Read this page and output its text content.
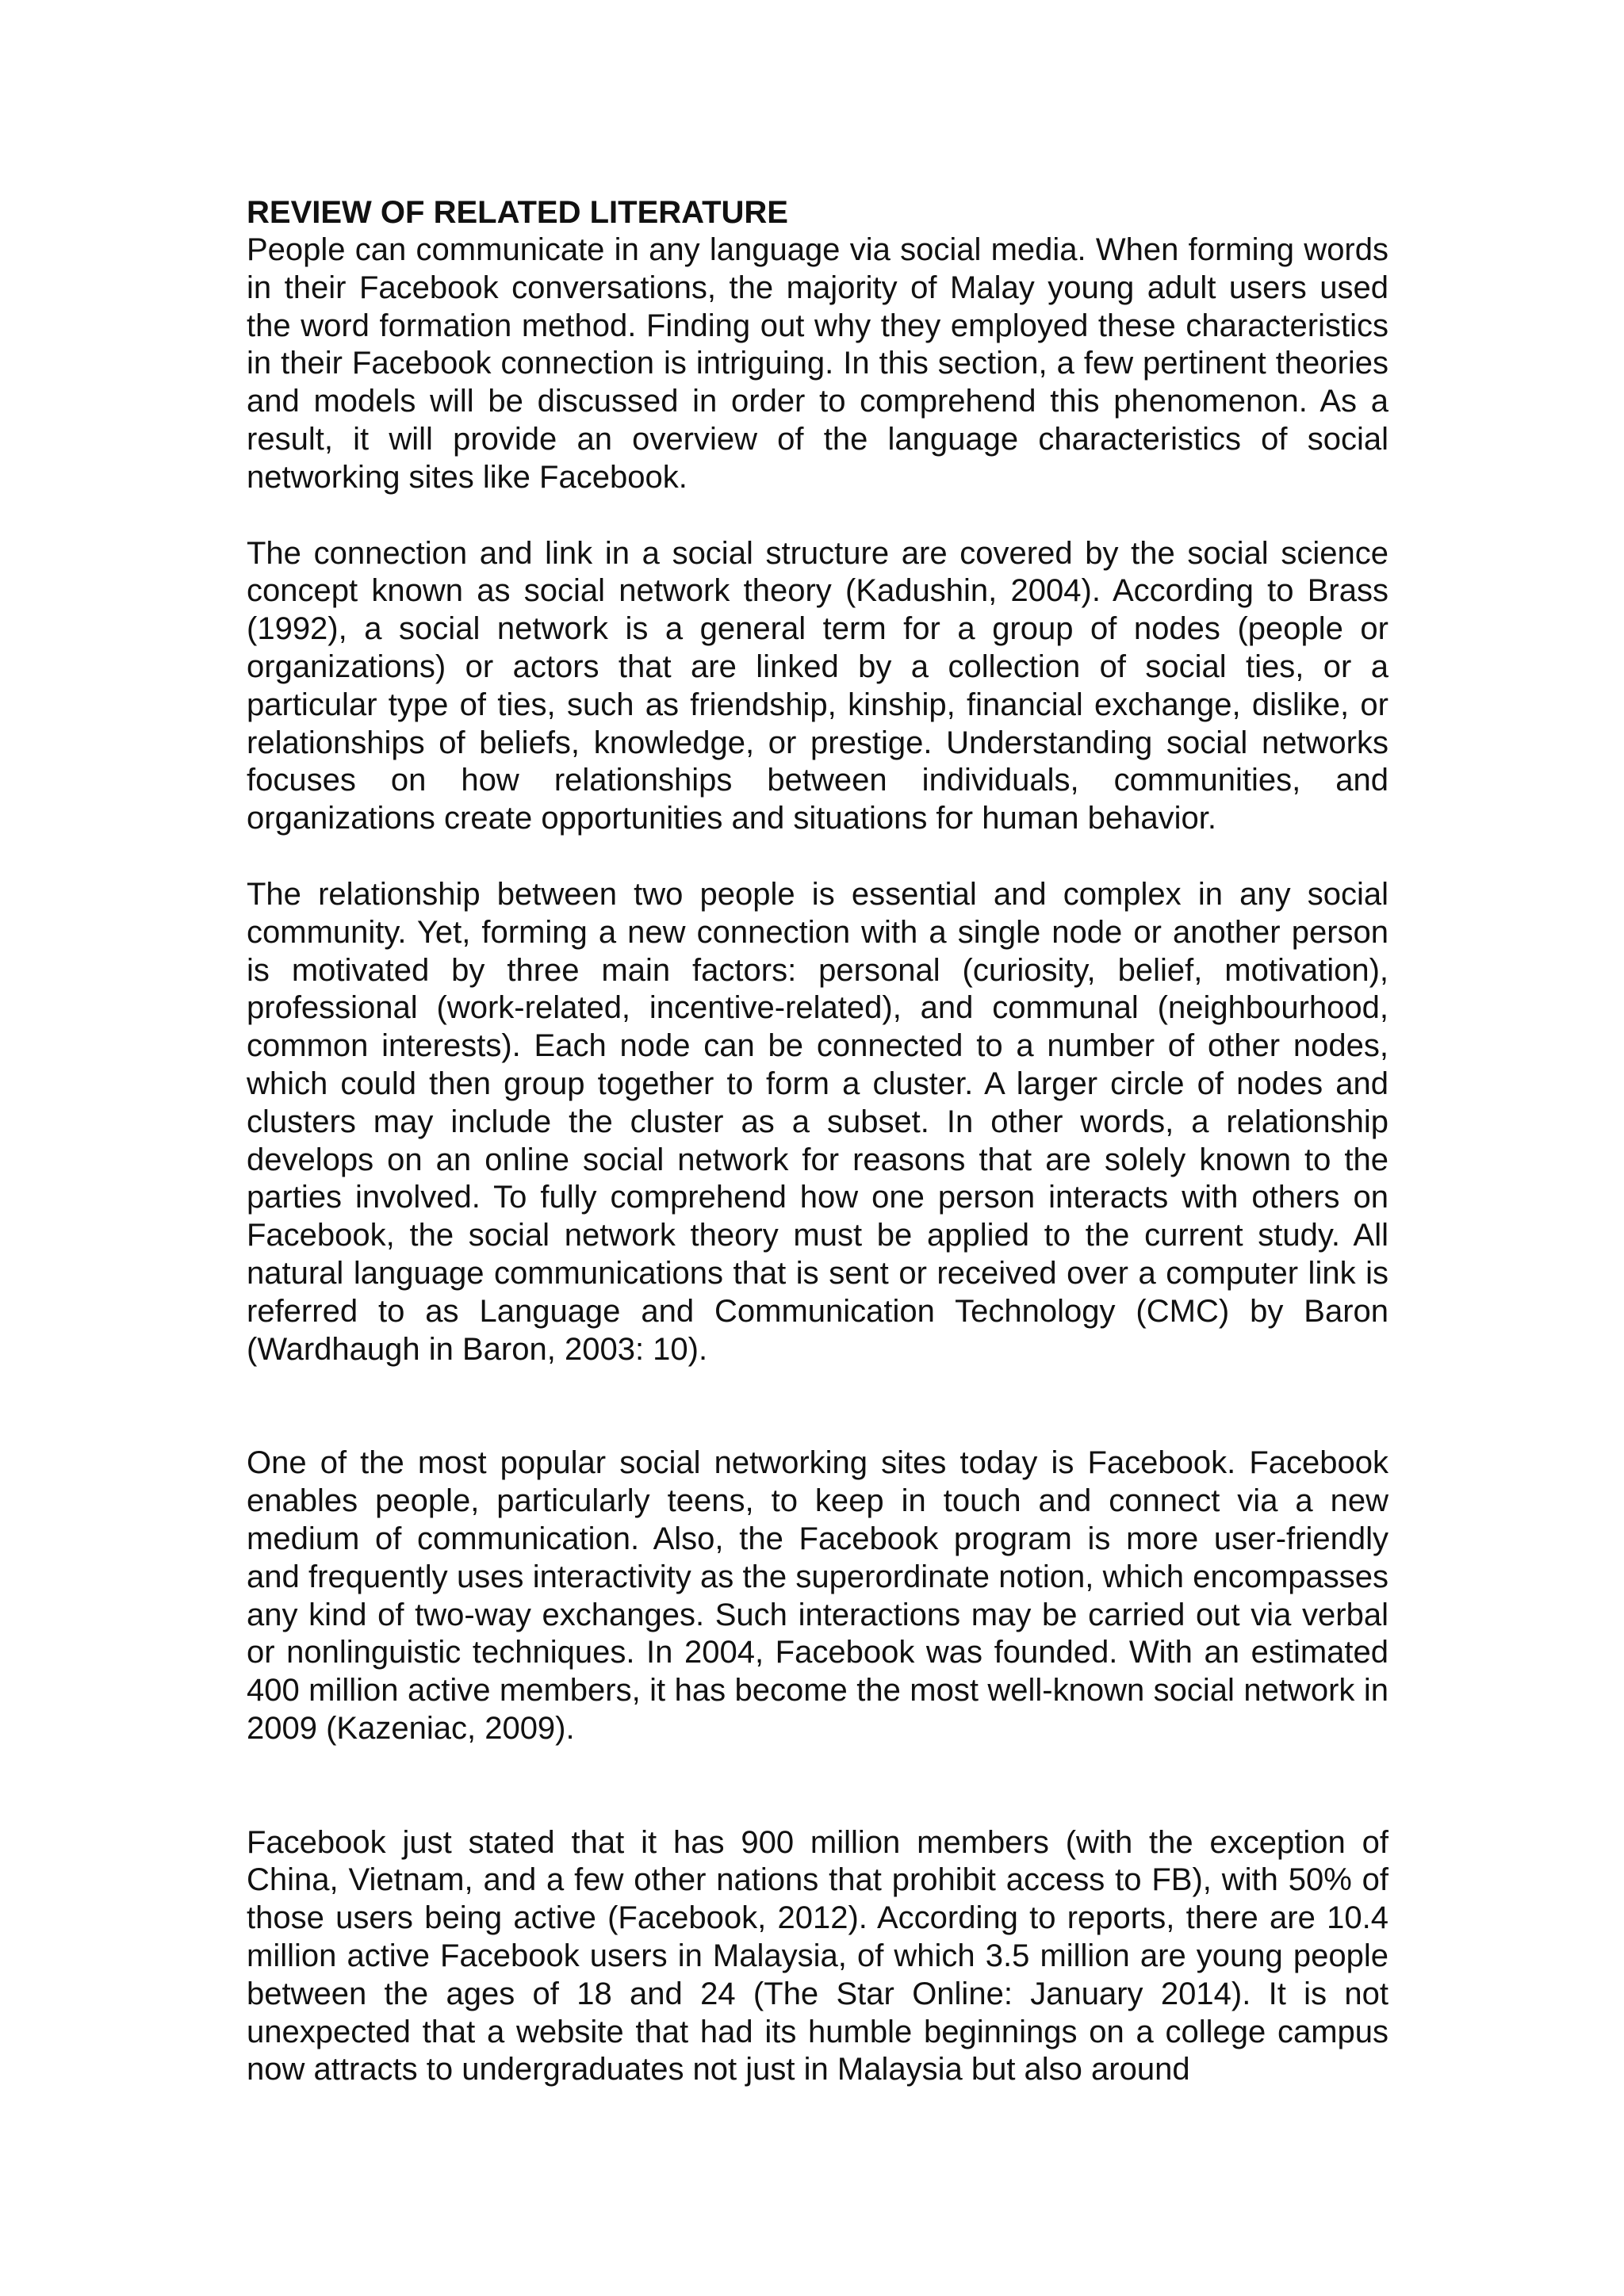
REVIEW OF RELATED LITERATURE

People can communicate in any language via social media. When forming words in their Facebook conversations, the majority of Malay young adult users used the word formation method. Finding out why they employed these characteristics in their Facebook connection is intriguing. In this section, a few pertinent theories and models will be discussed in order to comprehend this phenomenon. As a result, it will provide an overview of the language characteristics of social networking sites like Facebook.

The connection and link in a social structure are covered by the social science concept known as social network theory (Kadushin, 2004). According to Brass (1992), a social network is a general term for a group of nodes (people or organizations) or actors that are linked by a collection of social ties, or a particular type of ties, such as friendship, kinship, financial exchange, dislike, or relationships of beliefs, knowledge, or prestige. Understanding social networks focuses on how relationships between individuals, communities, and organizations create opportunities and situations for human behavior.

The relationship between two people is essential and complex in any social community. Yet, forming a new connection with a single node or another person is motivated by three main factors: personal (curiosity, belief, motivation), professional (work-related, incentive-related), and communal (neighbourhood, common interests). Each node can be connected to a number of other nodes, which could then group together to form a cluster. A larger circle of nodes and clusters may include the cluster as a subset. In other words, a relationship develops on an online social network for reasons that are solely known to the parties involved. To fully comprehend how one person interacts with others on Facebook, the social network theory must be applied to the current study. All natural language communications that is sent or received over a computer link is referred to as Language and Communication Technology (CMC) by Baron (Wardhaugh in Baron, 2003: 10).

One of the most popular social networking sites today is Facebook. Facebook enables people, particularly teens, to keep in touch and connect via a new medium of communication. Also, the Facebook program is more user-friendly and frequently uses interactivity as the superordinate notion, which encompasses any kind of two-way exchanges. Such interactions may be carried out via verbal or nonlinguistic techniques. In 2004, Facebook was founded. With an estimated 400 million active members, it has become the most well-known social network in 2009 (Kazeniac, 2009).

Facebook just stated that it has 900 million members (with the exception of China, Vietnam, and a few other nations that prohibit access to FB), with 50% of those users being active (Facebook, 2012). According to reports, there are 10.4 million active Facebook users in Malaysia, of which 3.5 million are young people between the ages of 18 and 24 (The Star Online: January 2014). It is not unexpected that a website that had its humble beginnings on a college campus now attracts to undergraduates not just in Malaysia but also around
